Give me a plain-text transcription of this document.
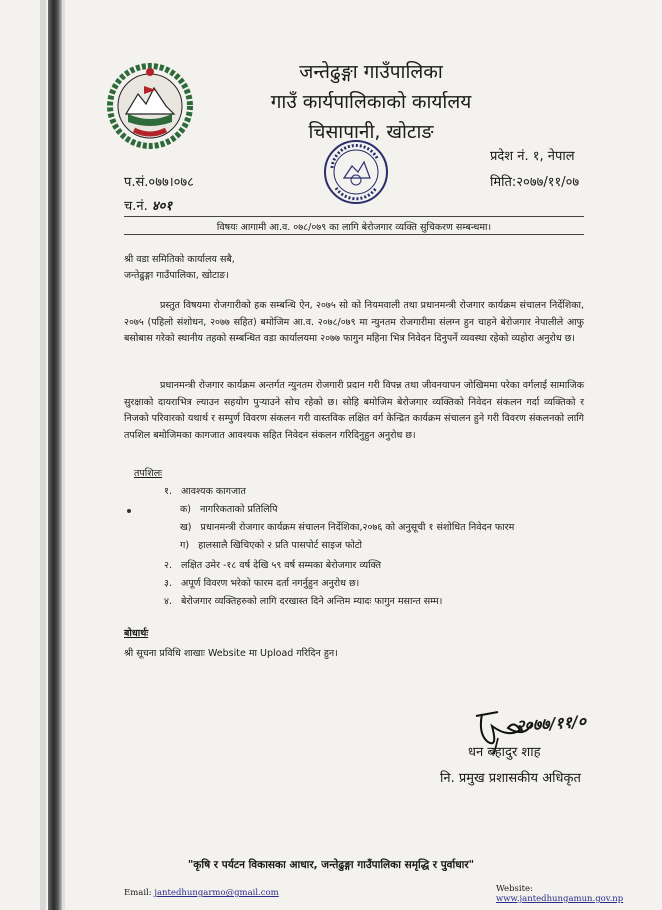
जन्तेढुङ्गा गाउँपालिका
गाउँ कार्यपालिकाको कार्यालय
चिसापानी, खोटाङ
प्रदेश नं. १, नेपाल
मिति:२०७७/११/०७
प.सं.०७७।०७८
च.नं. ४०१
विषयः आगामी आ.व. ०७८/०७९ का लागि बेरोजगार व्यक्ति सुचिकरण सम्बन्धमा।
श्री वडा समितिको कार्यालय सबै,
जन्तेढुङ्गा गाउँपालिका, खोटाङ।

प्रस्तुत विषयमा रोजगारीको हक सम्बन्धि ऐन, २०७५ सो को नियमवाली तथा प्रधानमन्त्री रोजगार कार्यक्रम संचालन निर्देशिका, २०७५ (पहिलो संशोधन, २०७७ सहित) बमोजिम आ.व. २०७८/०७९ मा न्युनतम रोजगारीमा संलग्न हुन चाहने बेरोजगार नेपालीले आफु बसोबास गरेको स्थानीय तहको सम्बन्धित वडा कार्यालयमा २०७७ फागुन महिना भित्र निवेदन दिनुपर्ने व्यवस्था रहेको व्यहोरा अनुरोध छ।

प्रधानमन्त्री रोजगार कार्यक्रम अन्तर्गत न्युनतम रोजगारी प्रदान गरी विपन्न तथा जीवनयापन जोखिममा परेका वर्गलाई सामाजिक सुरक्षाको दायराभित्र ल्याउन सहयोग पुऱ्याउने सोच रहेको छ। सोहि बमोजिम बेरोजगार व्यक्तिको निवेदन संकलन गर्दा व्यक्तिको र निजको परिवारको यथार्थ र सम्पुर्ण विवरण संकलन गरी वास्तविक लक्षित वर्ग केन्द्रित कार्यक्रम संचालन हुने गरी विवरण संकलनको लागि तपशिल बमोजिमका कागजात आवश्यक सहित निवेदन संकलन गरिदिनुहुन अनुरोध छ।

तपशिलः
१. आवश्यक कागजात
क) नागरिकताको प्रतिलिपि
ख) प्रधानमन्त्री रोजगार कार्यक्रम संचालन निर्देशिका,२०७६ को अनुसूची १ संशोधित निवेदन फारम
ग) हालसालै खिचिएको २ प्रति पासपोर्ट साइज फोटो
२. लक्षित उमेर -१८ वर्ष देखि ५९ वर्ष सम्मका बेरोजगार व्यक्ति
३. अपूर्ण विवरण भरेको फारम दर्ता नगर्नुहुन अनुरोध छ।
४. बेरोजगार व्यक्तिहरुको लागि दरखास्त दिने अन्तिम म्यादः फागुन मसान्त सम्म।
बोधार्थः
श्री सूचना प्रविधि शाखाः Website मा Upload गरिदिन हुन।
२०७७/११/०
धन बहादुर शाह
नि. प्रमुख प्रशासकीय अधिकृत
"कृषि र पर्यटन विकासका आधार, जन्तेढुङ्गा गाउँपालिका समृद्धि र पुर्वाधार"
Email: jantedhungarmo@gmail.com	Website: www.jantedhungamun.gov.np
